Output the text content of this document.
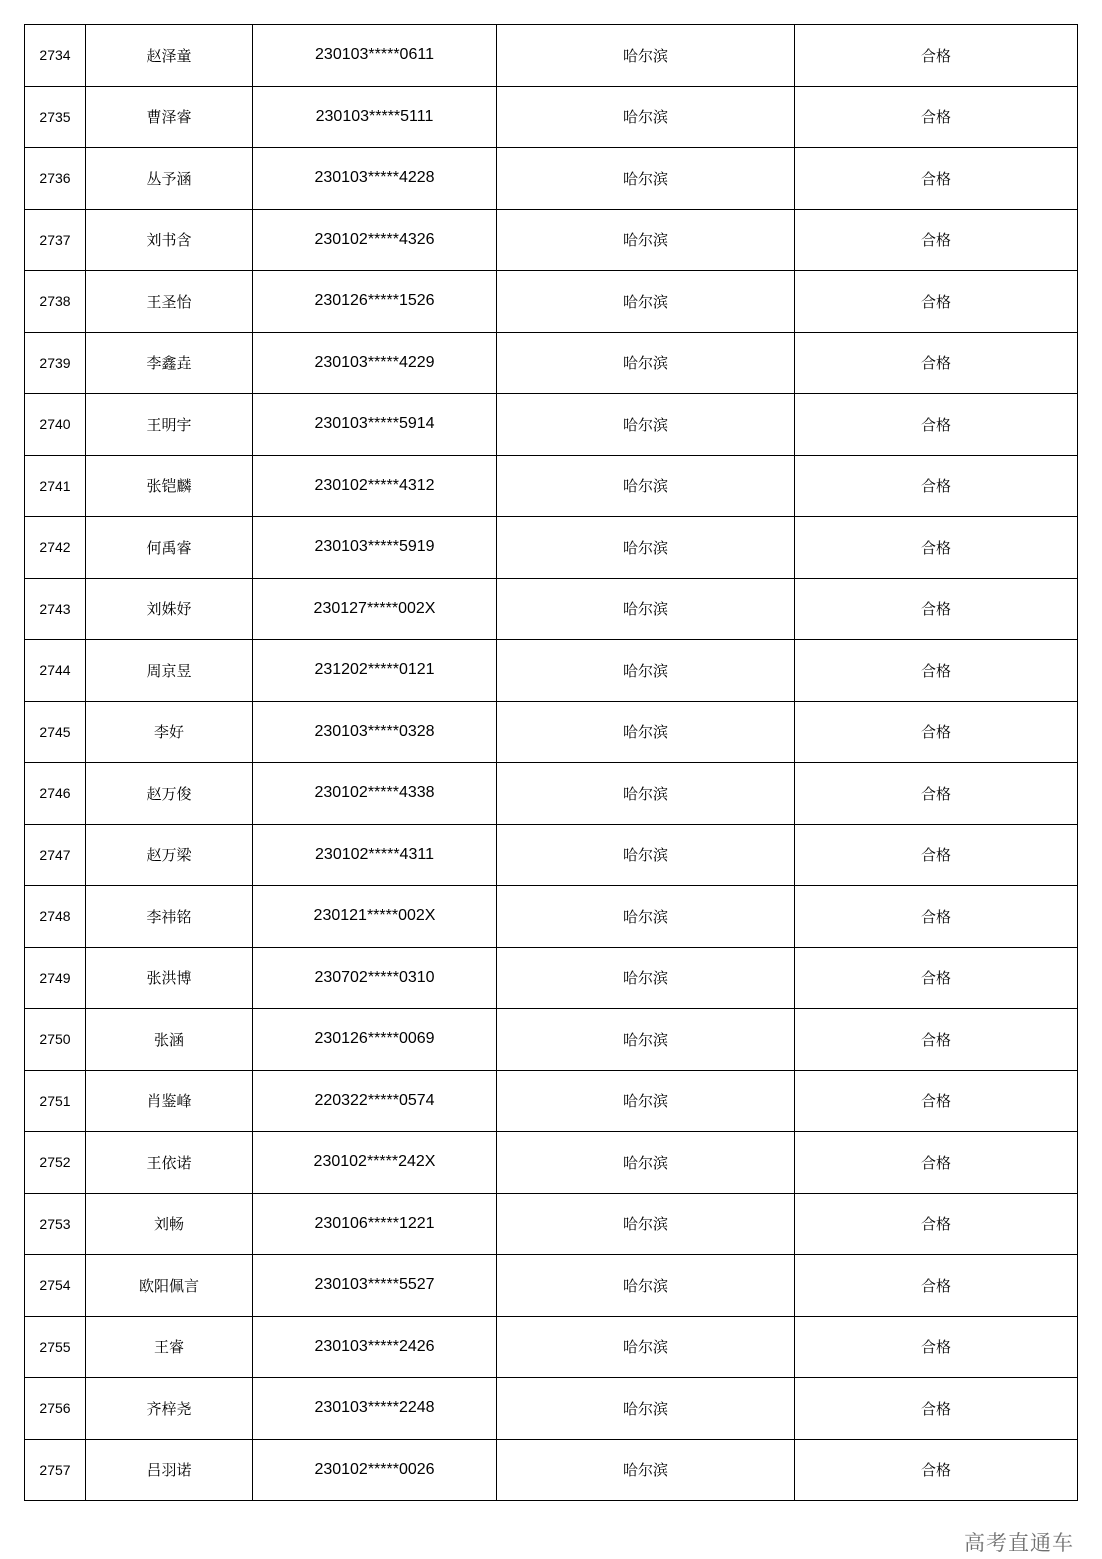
2734	赵泽童	230103*****0611	哈尔滨	合格
2735	曹泽睿	230103*****5111	哈尔滨	合格
2736	丛予涵	230103*****4228	哈尔滨	合格
2737	刘书含	230102*****4326	哈尔滨	合格
2738	王圣怡	230126*****1526	哈尔滨	合格
2739	李鑫垚	230103*****4229	哈尔滨	合格
2740	王明宇	230103*****5914	哈尔滨	合格
2741	张铠麟	230102*****4312	哈尔滨	合格
2742	何禹睿	230103*****5919	哈尔滨	合格
2743	刘姝妤	230127*****002X	哈尔滨	合格
2744	周京昱	231202*****0121	哈尔滨	合格
2745	李好	230103*****0328	哈尔滨	合格
2746	赵万俊	230102*****4338	哈尔滨	合格
2747	赵万梁	230102*****4311	哈尔滨	合格
2748	李祎铭	230121*****002X	哈尔滨	合格
2749	张洪博	230702*****0310	哈尔滨	合格
2750	张涵	230126*****0069	哈尔滨	合格
2751	肖鉴峰	220322*****0574	哈尔滨	合格
2752	王依诺	230102*****242X	哈尔滨	合格
2753	刘畅	230106*****1221	哈尔滨	合格
2754	欧阳佩言	230103*****5527	哈尔滨	合格
2755	王睿	230103*****2426	哈尔滨	合格
2756	齐梓尧	230103*****2248	哈尔滨	合格
2757	吕羽诺	230102*****0026	哈尔滨	合格
高考直通车
